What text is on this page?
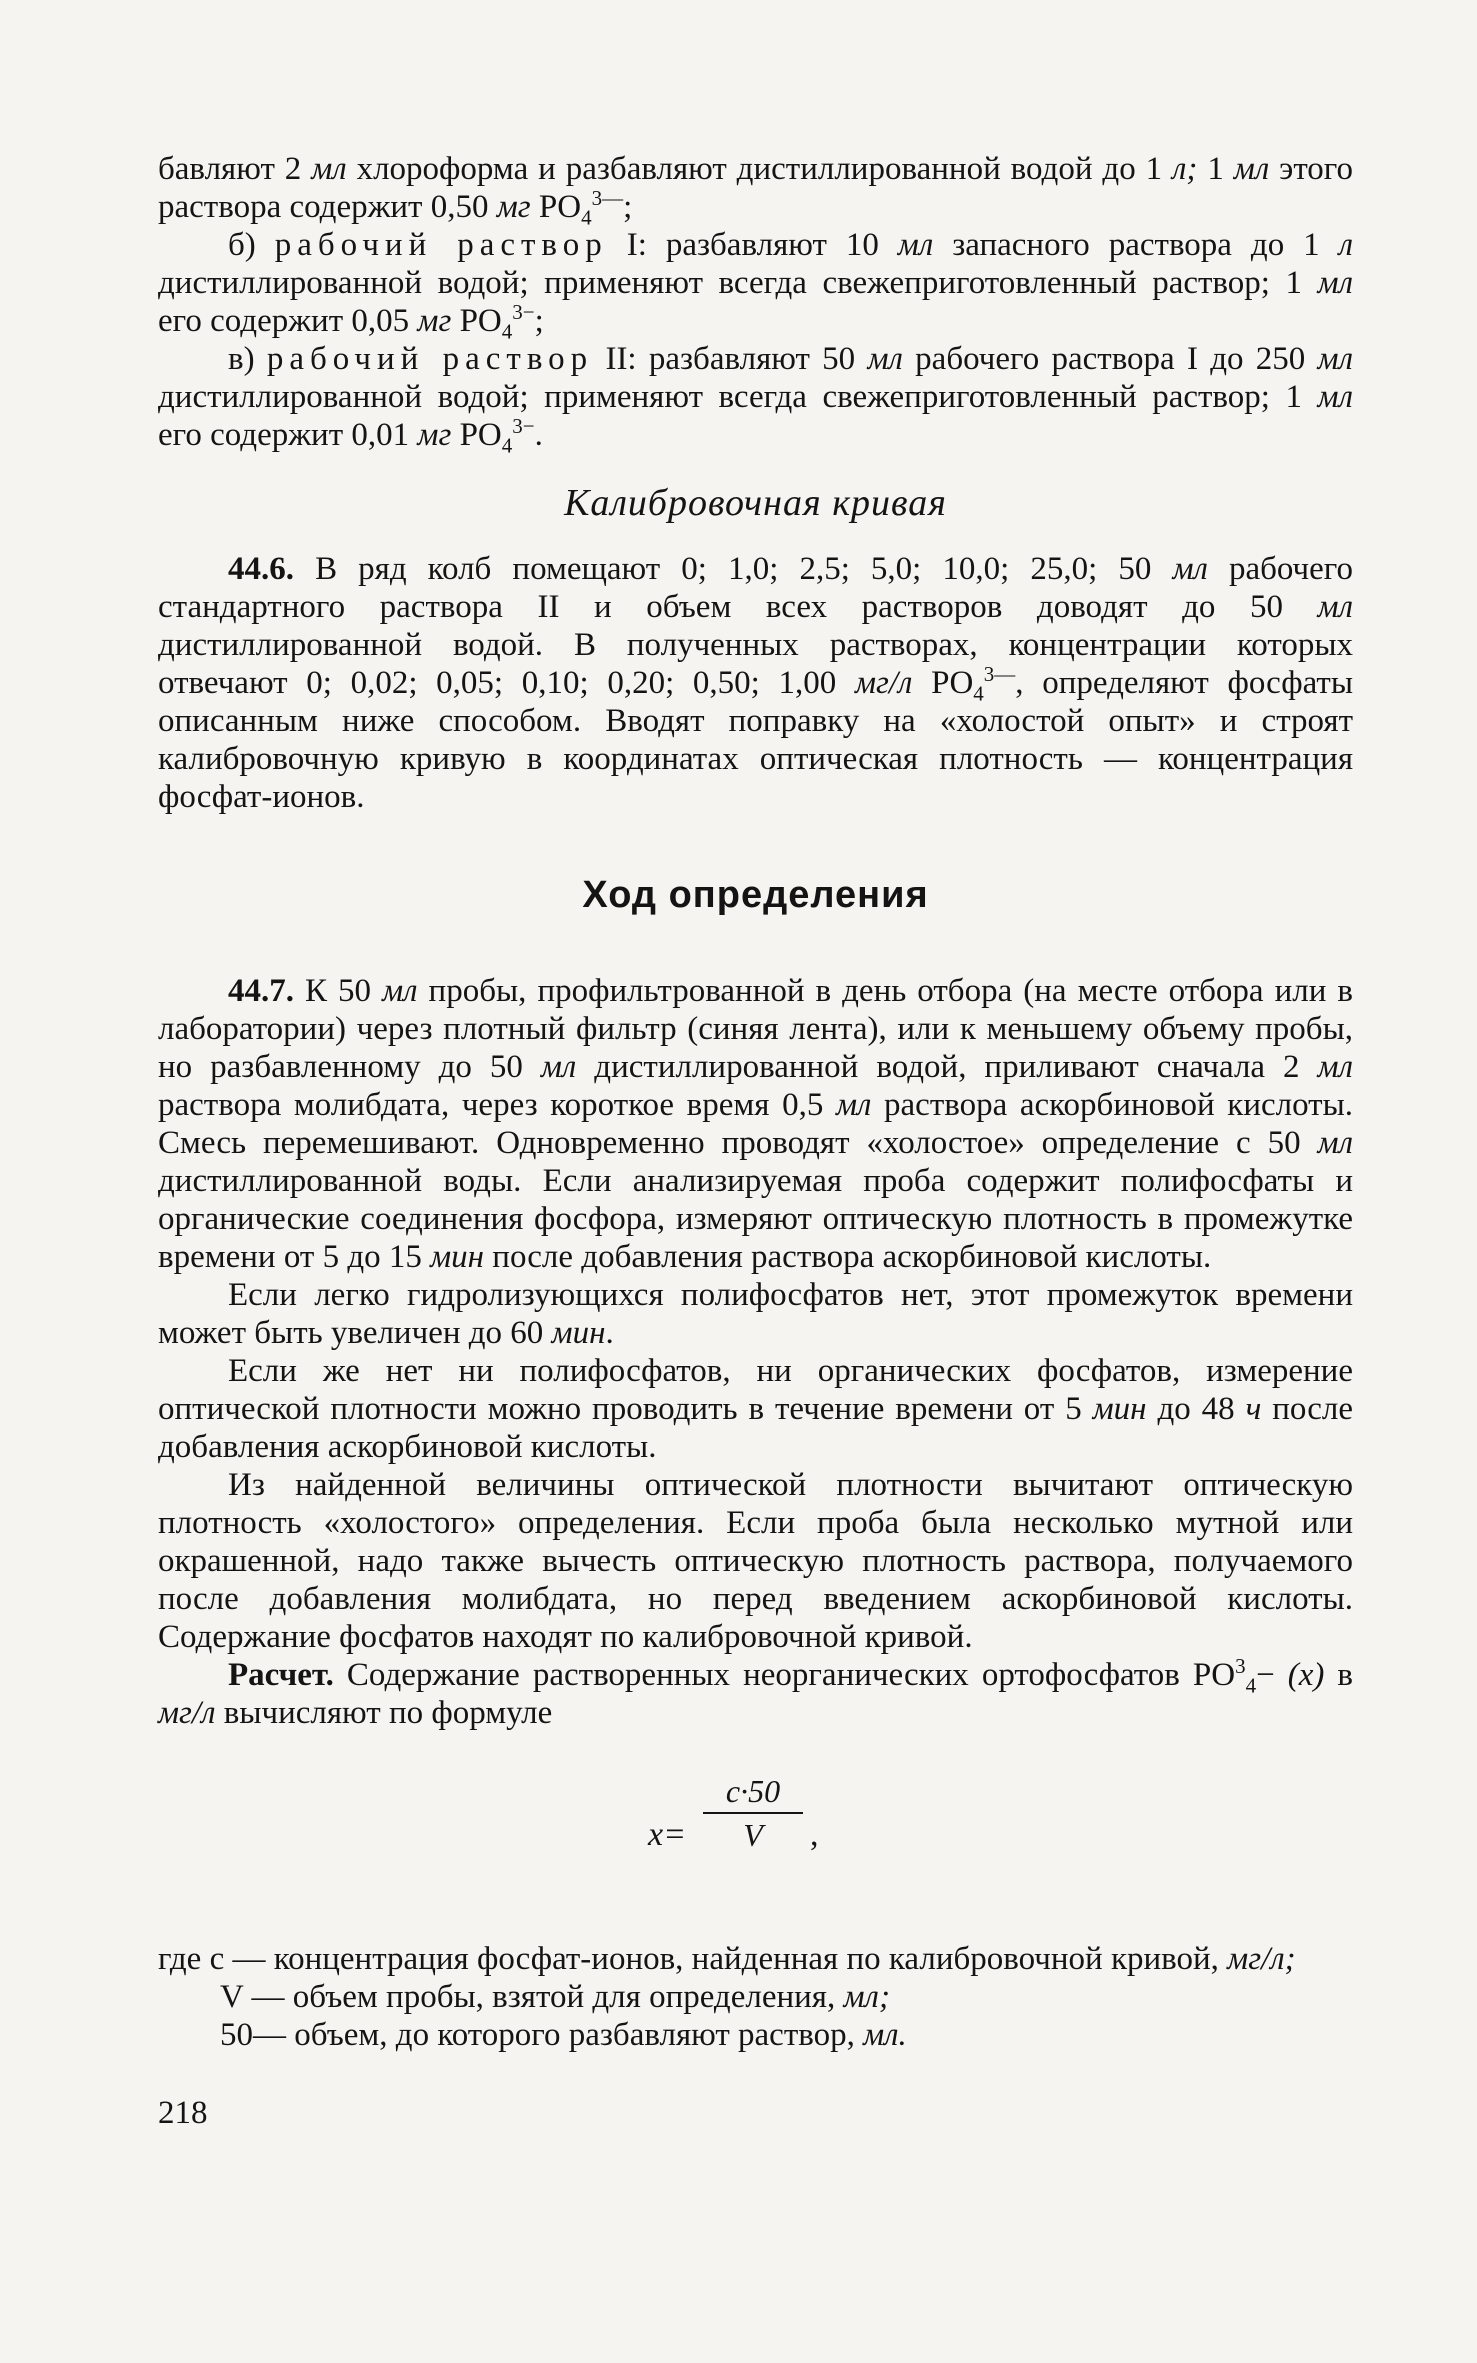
бавляют 2 мл хлороформа и разбавляют дистиллированной водой до 1 л; 1 мл этого раствора содержит 0,50 мг $PO_4^{3—}$;

б) рабочий раствор I: разбавляют 10 мл запасного раствора до 1 л дистиллированной водой; применяют всегда свежеприготовленный раствор; 1 мл его содержит 0,05 мг $PO_4^{3-}$;

в) рабочий раствор II: разбавляют 50 мл рабочего раствора I до 250 мл дистиллированной водой; применяют всегда свежеприготовленный раствор; 1 мл его содержит 0,01 мг $PO_4^{3-}$.

Калибровочная кривая

44.6. В ряд колб помещают 0; 1,0; 2,5; 5,0; 10,0; 25,0; 50 мл рабочего стандартного раствора II и объем всех растворов доводят до 50 мл дистиллированной водой. В полученных растворах, концентрации которых отвечают 0; 0,02; 0,05; 0,10; 0,20; 0,50; 1,00 мг/л $PO_4^{3—}$, определяют фосфаты описанным ниже способом. Вводят поправку на «холостой опыт» и строят калибровочную кривую в координатах оптическая плотность — концентрация фосфат-ионов.

Ход определения

44.7. К 50 мл пробы, профильтрованной в день отбора (на месте отбора или в лаборатории) через плотный фильтр (синяя лента), или к меньшему объему пробы, но разбавленному до 50 мл дистиллированной водой, приливают сначала 2 мл раствора молибдата, через короткое время 0,5 мл раствора аскорбиновой кислоты. Смесь перемешивают. Одновременно проводят «холостое» определение с 50 мл дистиллированной воды. Если анализируемая проба содержит полифосфаты и органические соединения фосфора, измеряют оптическую плотность в промежутке времени от 5 до 15 мин после добавления раствора аскорбиновой кислоты.

Если легко гидролизующихся полифосфатов нет, этот промежуток времени может быть увеличен до 60 мин.

Если же нет ни полифосфатов, ни органических фосфатов, измерение оптической плотности можно проводить в течение времени от 5 мин до 48 ч после добавления аскорбиновой кислоты.

Из найденной величины оптической плотности вычитают оптическую плотность «холостого» определения. Если проба была несколько мутной или окрашенной, надо также вычесть оптическую плотность раствора, получаемого после добавления молибдата, но перед введением аскорбиновой кислоты. Содержание фосфатов находят по калибровочной кривой.

Расчет. Содержание растворенных неорганических ортофосфатов $PO^3_4- (x)$ в мг/л вычисляют по формуле

$x= \frac{c\cdot 50}{V}$ ,

где c — концентрация фосфат-ионов, найденная по калибровочной кривой, мг/л;

V — объем пробы, взятой для определения, мл;

50— объем, до которого разбавляют раствор, мл.

218
